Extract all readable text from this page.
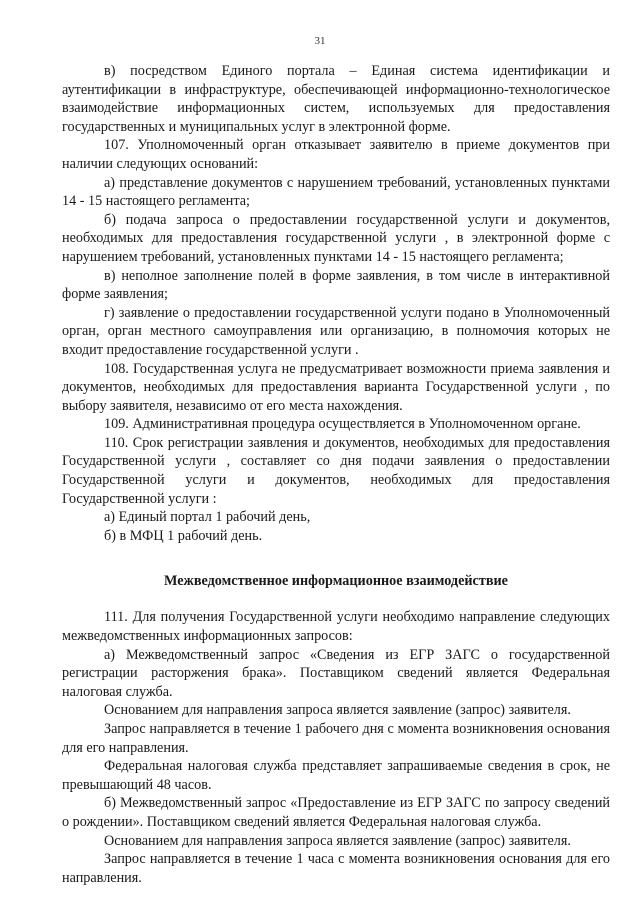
31

в) посредством Единого портала – Единая система идентификации и аутентификации в инфраструктуре, обеспечивающей информационно-технологическое взаимодействие информационных систем, используемых для предоставления государственных и муниципальных услуг в электронной форме.

107. Уполномоченный орган отказывает заявителю в приеме документов при наличии следующих оснований:

а) представление документов с нарушением требований, установленных пунктами 14 - 15 настоящего регламента;

б) подача запроса о предоставлении государственной услуги и документов, необходимых для предоставления государственной услуги , в электронной форме с нарушением требований, установленных пунктами 14 - 15 настоящего регламента;

в) неполное заполнение полей в форме заявления, в том числе в интерактивной форме заявления;

г) заявление о предоставлении государственной услуги подано в Уполномоченный орган, орган местного самоуправления или организацию, в полномочия которых не входит предоставление государственной услуги .

108. Государственная услуга не предусматривает возможности приема заявления и документов, необходимых для предоставления варианта Государственной услуги , по выбору заявителя, независимо от его места нахождения.

109. Административная процедура осуществляется в Уполномоченном органе.

110. Срок регистрации заявления и документов, необходимых для предоставления Государственной услуги , составляет со дня подачи заявления о предоставлении Государственной услуги и документов, необходимых для предоставления Государственной услуги :

а) Единый портал 1 рабочий день,

б) в МФЦ 1 рабочий день.

Межведомственное информационное взаимодействие

111. Для получения Государственной услуги необходимо направление следующих межведомственных информационных запросов:

а) Межведомственный запрос «Сведения из ЕГР ЗАГС о государственной регистрации расторжения брака». Поставщиком сведений является Федеральная налоговая служба.

Основанием для направления запроса является заявление (запрос) заявителя.

Запрос направляется в течение 1 рабочего дня с момента возникновения основания для его направления.

Федеральная налоговая служба представляет запрашиваемые сведения в срок, не превышающий 48 часов.

б) Межведомственный запрос «Предоставление из ЕГР ЗАГС по запросу сведений о рождении». Поставщиком сведений является Федеральная налоговая служба.

Основанием для направления запроса является заявление (запрос) заявителя.

Запрос направляется в течение 1 часа с момента возникновения основания для его направления.
